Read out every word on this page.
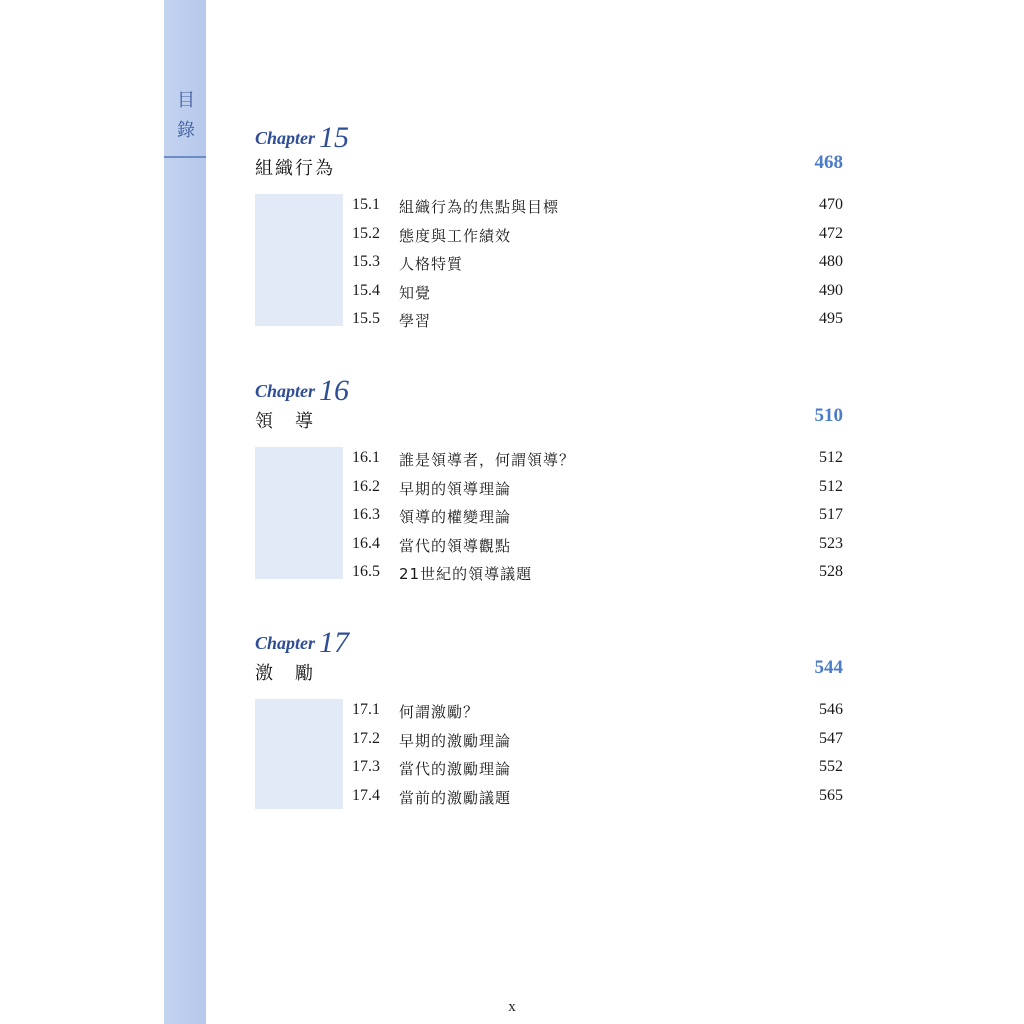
目錄	Chapter 15
組織行為	468
15.1	組織行為的焦點與目標	470
15.2	態度與工作績效	472
15.3	人格特質	480
15.4	知覺	490
15.5	學習	495
Chapter 16
領　導	510
16.1	誰是領導者，何謂領導？	512
16.2	早期的領導理論	512
16.3	領導的權變理論	517
16.4	當代的領導觀點	523
16.5	21世紀的領導議題	528
Chapter 17
激　勵	544
17.1	何謂激勵？	546
17.2	早期的激勵理論	547
17.3	當代的激勵理論	552
17.4	當前的激勵議題	565
x
